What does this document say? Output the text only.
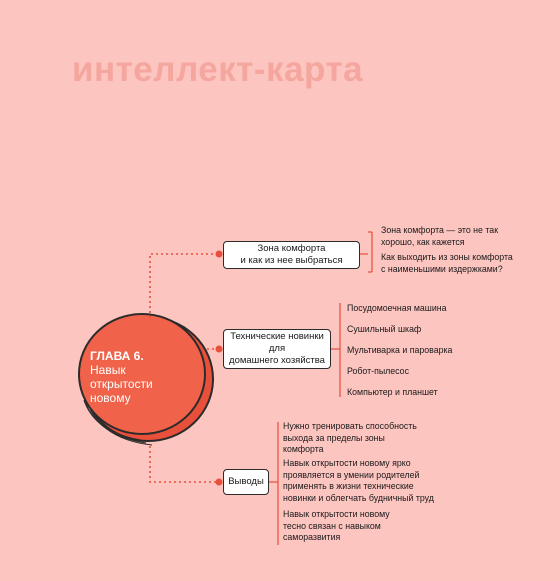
интеллект-карта
ГЛАВА 6.
Навык открытости новому
Зона комфорта
и как из нее выбраться
Технические новинки для
домашнего хозяйства
Выводы
Зона комфорта — это не так
хорошо, как кажется
Как выходить из зоны комфорта
с наименьшими издержками?
Посудомоечная машина
Сушильный шкаф
Мультиварка и пароварка
Робот-пылесос
Компьютер и планшет
Нужно тренировать способность
выхода за пределы зоны
комфорта
Навык открытости новому ярко
проявляется в умении родителей
применять в жизни технические
новинки и облегчать будничный труд
Навык открытости новому
тесно связан с навыком
саморазвития
